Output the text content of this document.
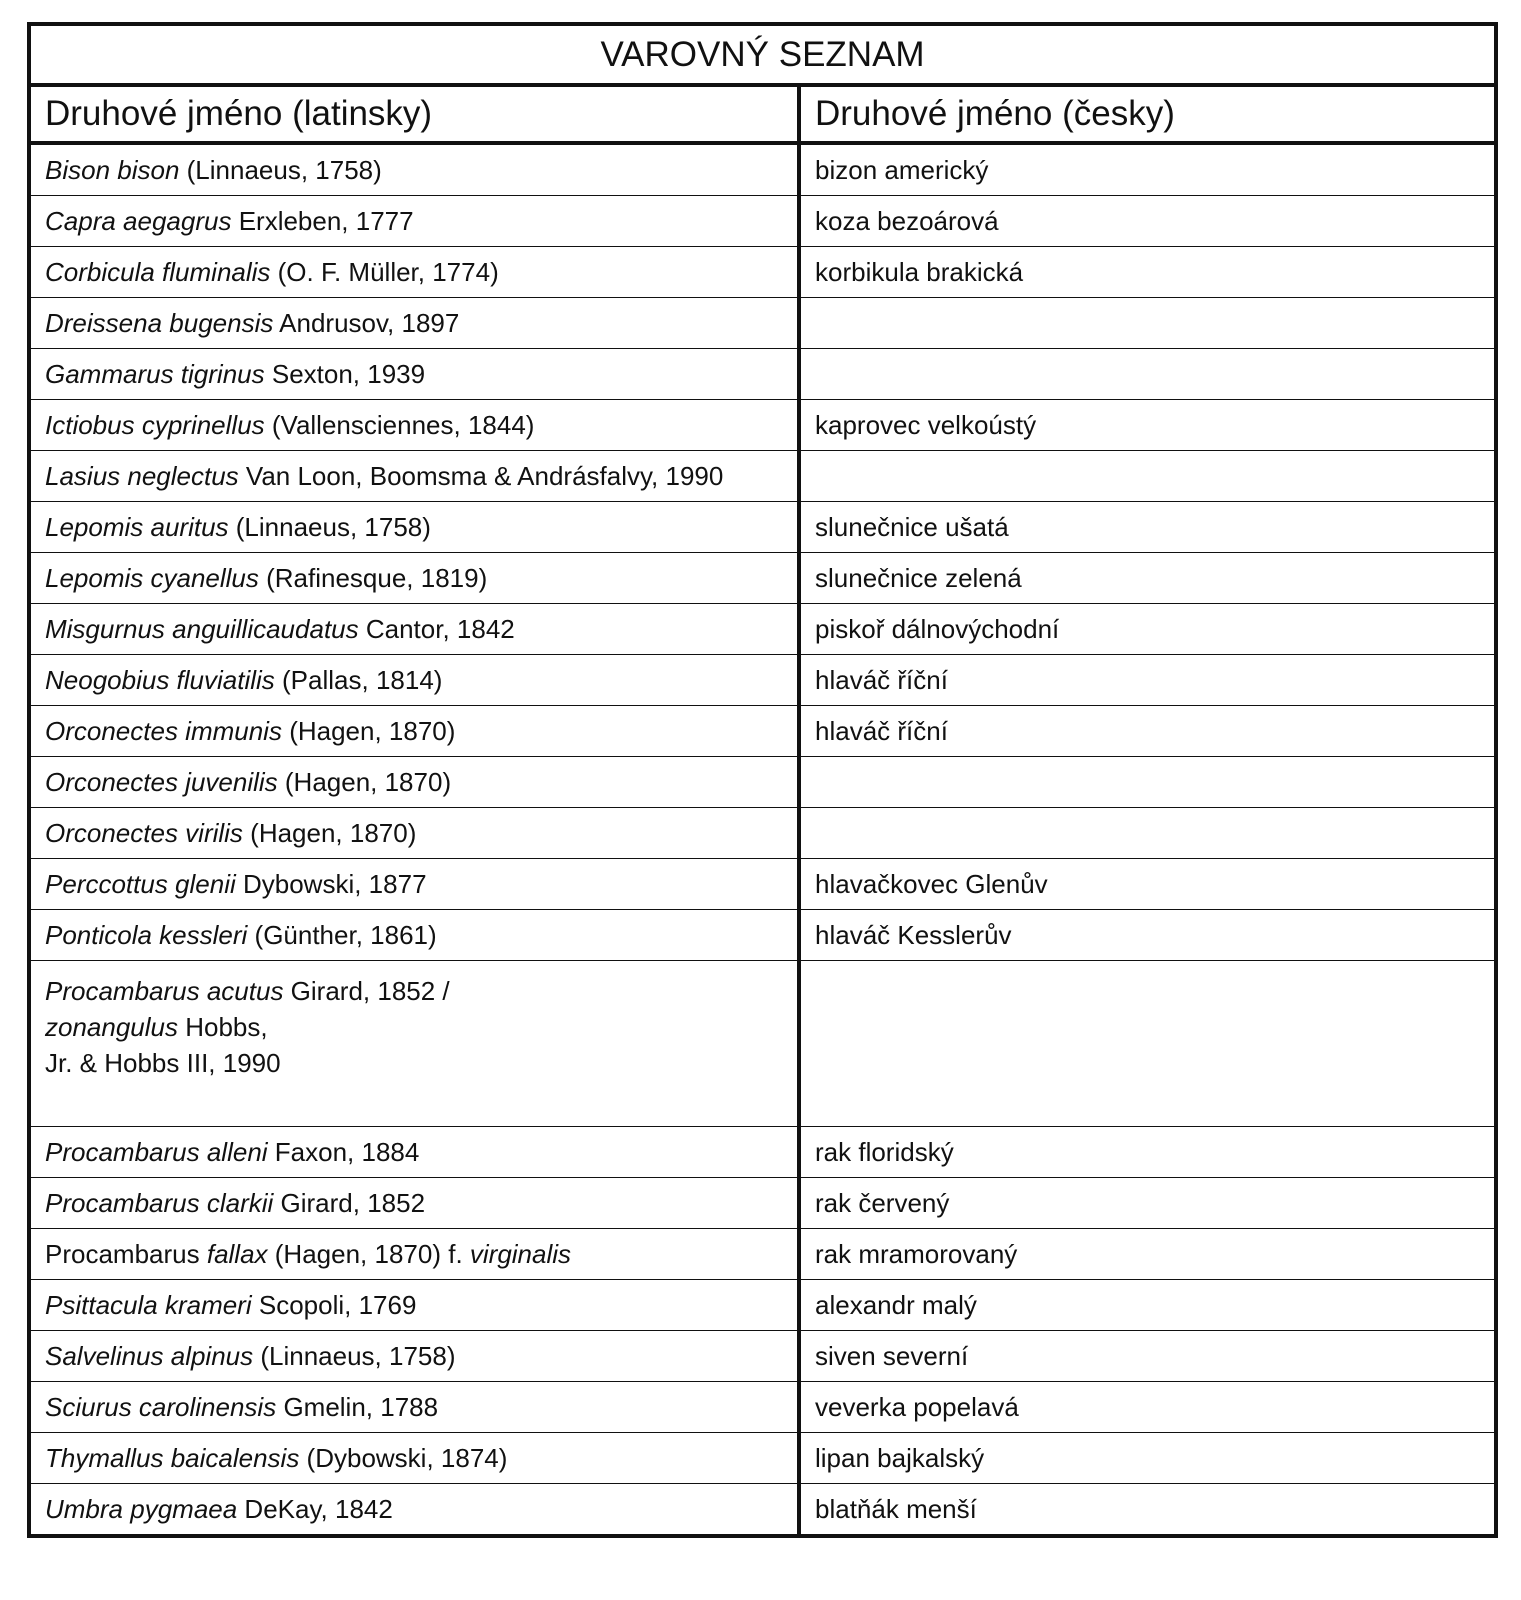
VAROVNÝ SEZNAM	
Druhové jméno (latinsky)	Druhové jméno (česky)
Bison bison (Linnaeus, 1758)	bizon americký
Capra aegagrus Erxleben, 1777	koza bezoárová
Corbicula fluminalis (O. F. Müller, 1774)	korbikula brakická
Dreissena bugensis Andrusov, 1897	
Gammarus tigrinus Sexton, 1939	
Ictiobus cyprinellus (Vallensciennes, 1844)	kaprovec velkoústý
Lasius neglectus Van Loon, Boomsma & Andrásfalvy, 1990	
Lepomis auritus (Linnaeus, 1758)	slunečnice ušatá
Lepomis cyanellus (Rafinesque, 1819)	slunečnice zelená
Misgurnus anguillicaudatus Cantor, 1842	piskoř dálnovýchodní
Neogobius fluviatilis (Pallas, 1814)	hlaváč říční
Orconectes immunis (Hagen, 1870)	hlaváč říční
Orconectes juvenilis (Hagen, 1870)	
Orconectes virilis (Hagen, 1870)	
Perccottus glenii Dybowski, 1877	hlavačkovec Glenův
Ponticola kessleri (Günther, 1861)	hlaváč Kesslerův

Procambarus acutus Girard, 1852 /
zonangulus Hobbs,
Jr. & Hobbs III, 1990	

Procambarus alleni Faxon, 1884	rak floridský
Procambarus clarkii Girard, 1852	rak červený
Procambarus fallax (Hagen, 1870) f. virginalis	rak mramorovaný
Psittacula krameri Scopoli, 1769	alexandr malý
Salvelinus alpinus (Linnaeus, 1758)	siven severní
Sciurus carolinensis Gmelin, 1788	veverka popelavá
Thymallus baicalensis (Dybowski, 1874)	lipan bajkalský
Umbra pygmaea DeKay, 1842	blatňák menší
